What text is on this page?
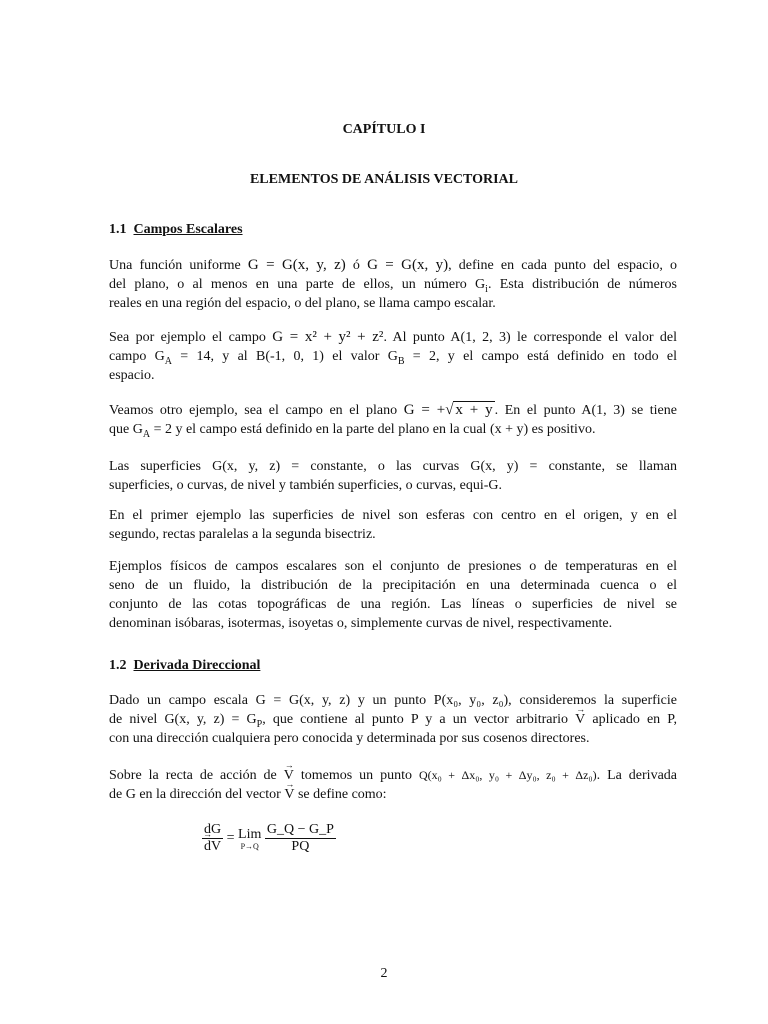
CAPÍTULO I
ELEMENTOS DE ANÁLISIS VECTORIAL
1.1 Campos Escalares
Una función uniforme G = G(x, y, z) ó G = G(x, y), define en cada punto del espacio, o
del plano, o al menos en una parte de ellos, un número $G_i$. Esta distribución de números
reales en una región del espacio, o del plano, se llama campo escalar.
Sea por ejemplo el campo G = x² + y² + z². Al punto A(1, 2, 3) le corresponde el valor del
campo $G_A = 14$, y al B(-1, 0, 1) el valor $G_B = 2$, y el campo está definido en todo el
espacio.
Veamos otro ejemplo, sea el campo en el plano G = +√ x + y . En el punto A(1, 3) se tiene
que $G_A = 2$ y el campo está definido en la parte del plano en la cual (x + y) es positivo.
Las superficies G(x, y, z) = constante, o las curvas G(x, y) = constante, se llaman
superficies, o curvas, de nivel y también superficies, o curvas, equi-G.
En el primer ejemplo las superficies de nivel son esferas con centro en el origen, y en el
segundo, rectas paralelas a la segunda bisectriz.
Ejemplos físicos de campos escalares son el conjunto de presiones o de temperaturas en el
seno de un fluido, la distribución de la precipitación en una determinada cuenca o el
conjunto de las cotas topográficas de una región. Las líneas o superficies de nivel se
denominan isóbaras, isotermas, isoyetas o, simplemente curvas de nivel, respectivamente.
1.2 Derivada Direccional
Dado un campo escala G = G(x, y, z) y un punto P(x₀, y₀, z₀), consideremos la superficie
de nivel G(x, y, $z) = G_P$, que contiene al punto P y a un vector arbitrario → V aplicado en P,
con una dirección cualquiera pero conocida y determinada por sus cosenos directores.
Sobre la recta de acción de → V tomemos un punto Q(x₀ + Δx₀, y₀ + Δy₀, z₀ + Δz₀). La derivada
de G en la dirección del vector → V se define como:
dG
→ dV = Lim
P→Q
$\frac{G\_Q - G\_P}{PQ}$
2
